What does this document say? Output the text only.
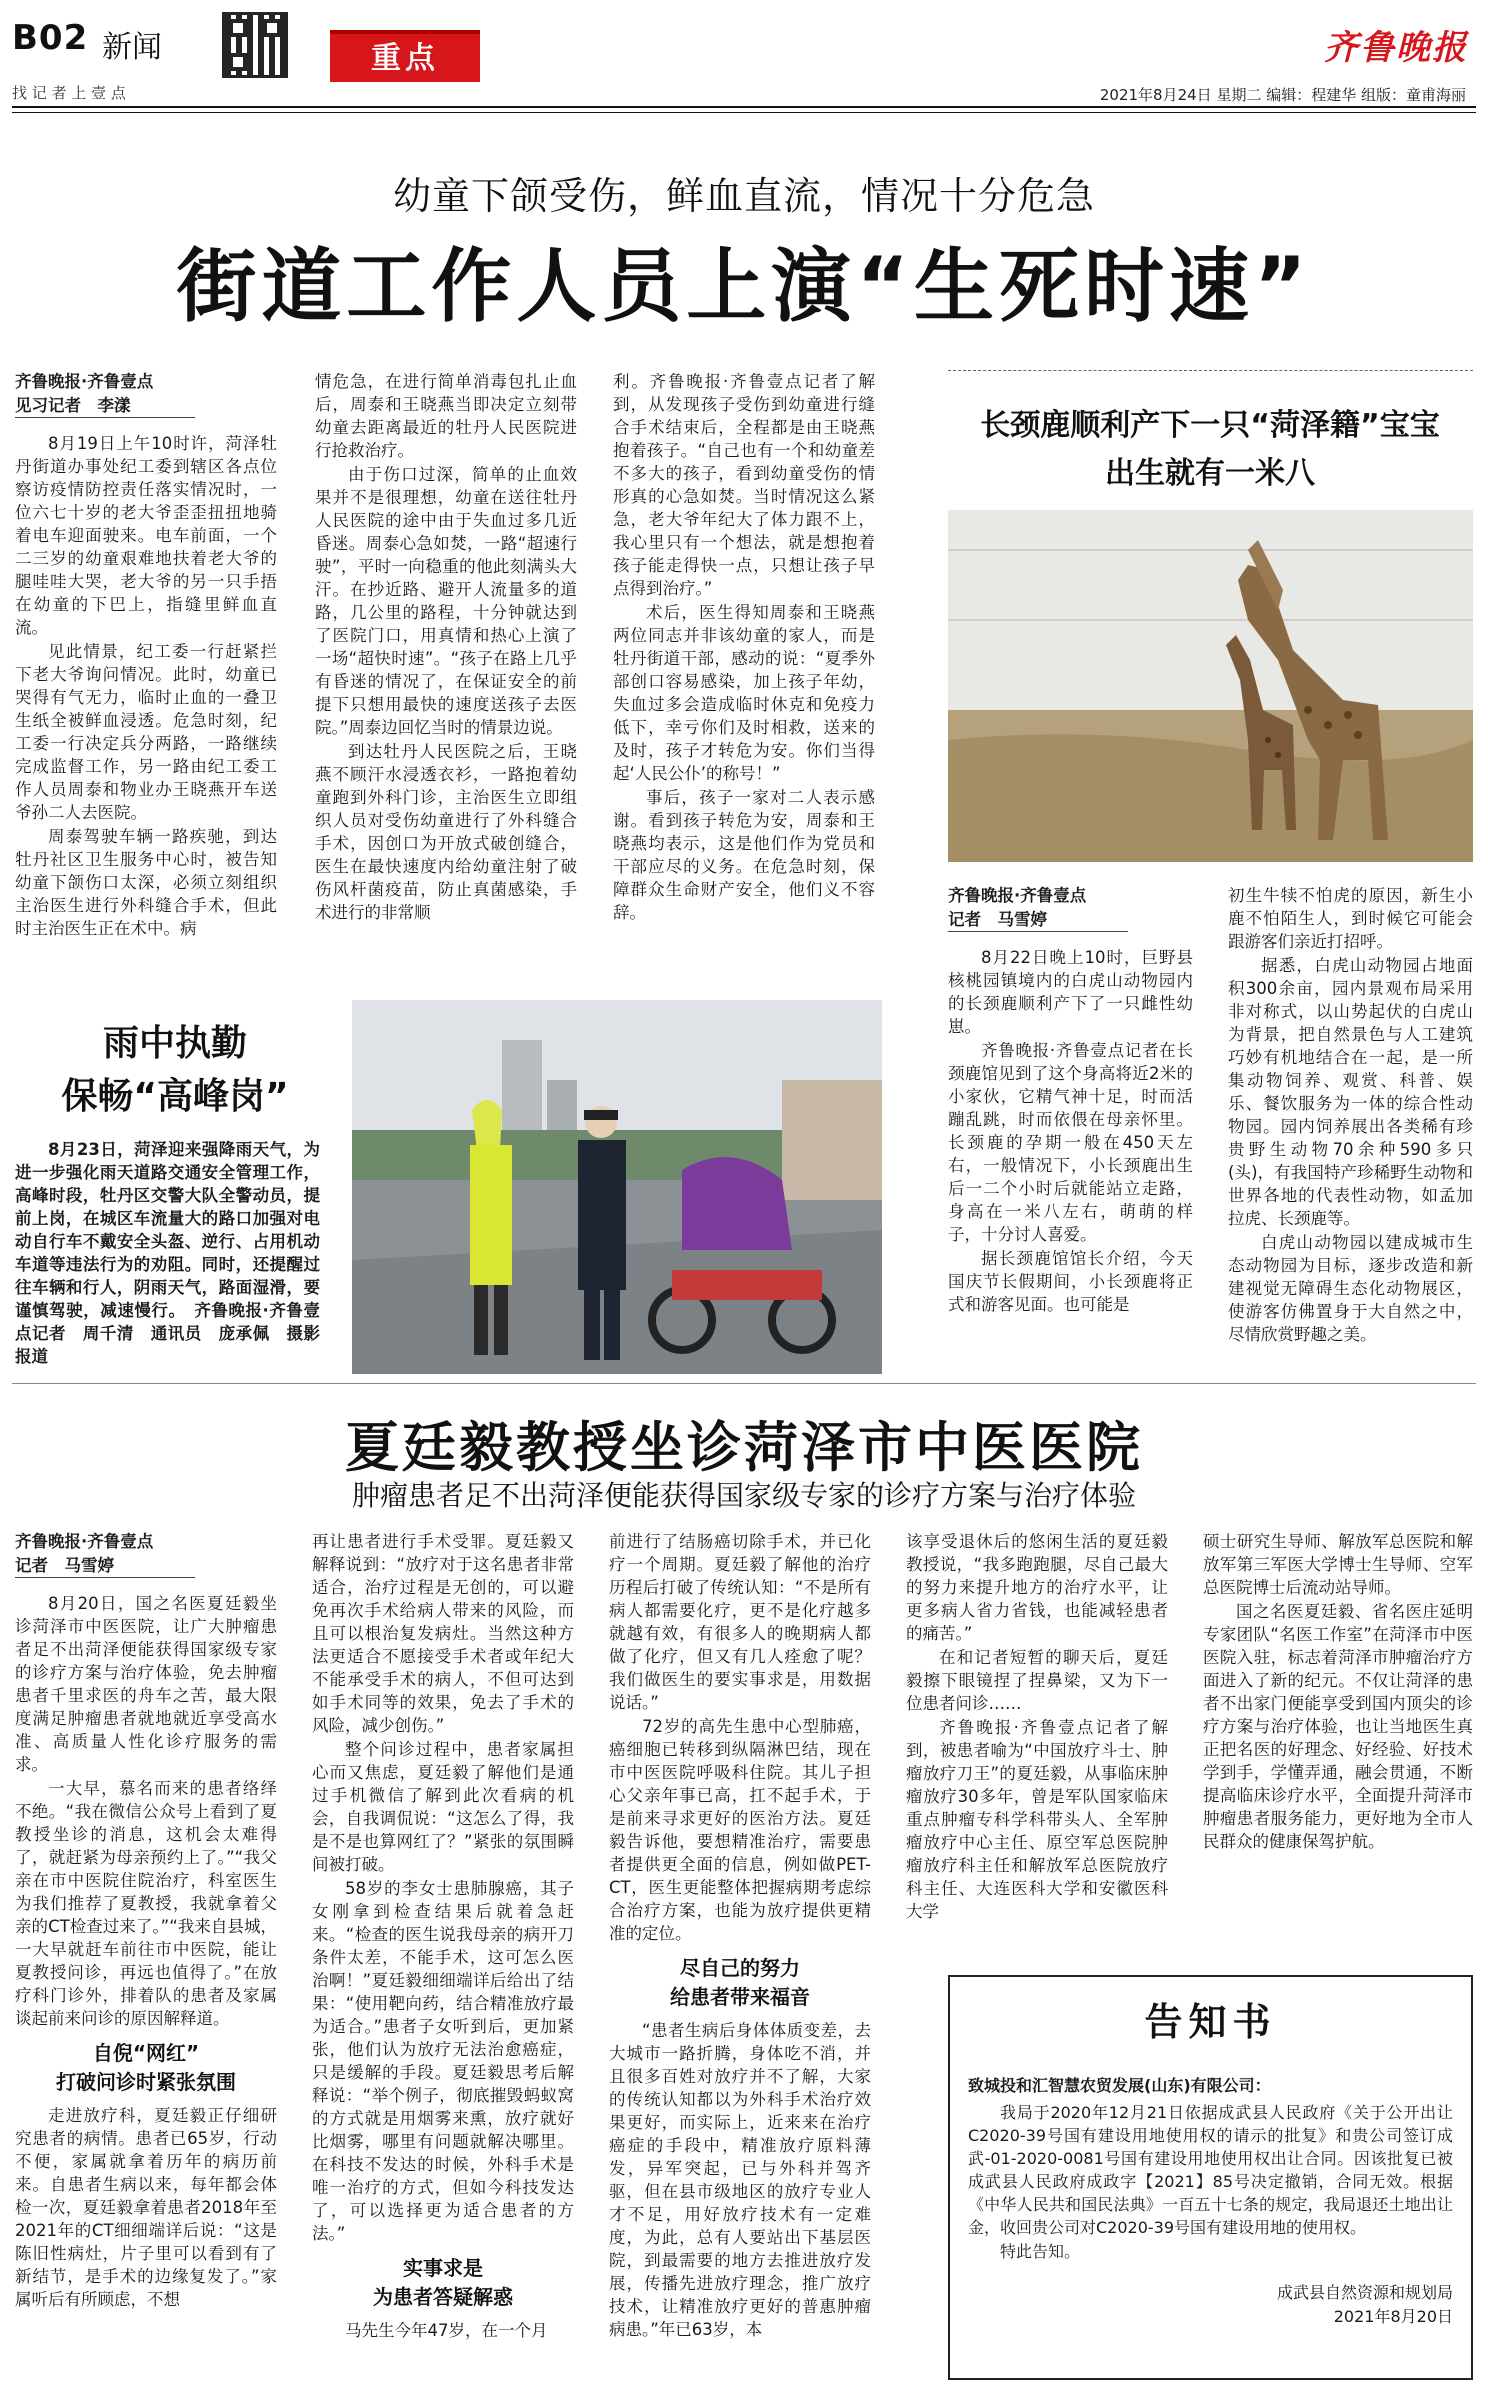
B02 新闻
找 记 者 上 壹 点
重点	齐鲁晚报
2021年8月24日 星期二 编辑：程建华 组版：童甫海丽
幼童下颌受伤，鲜血直流，情况十分危急
街道工作人员上演“生死时速”

齐鲁晚报·齐鲁壹点

见习记者　李漾

8月19日上午10时许，菏泽牡丹街道办事处纪工委到辖区各点位察访疫情防控责任落实情况时，一位六七十岁的老大爷歪歪扭扭地骑着电车迎面驶来。电车前面，一个二三岁的幼童艰难地扶着老大爷的腿哇哇大哭，老大爷的另一只手捂在幼童的下巴上，指缝里鲜血直流。

见此情景，纪工委一行赶紧拦下老大爷询问情况。此时，幼童已哭得有气无力，临时止血的一叠卫生纸全被鲜血浸透。危急时刻，纪工委一行决定兵分两路，一路继续完成监督工作，另一路由纪工委工作人员周泰和物业办王晓燕开车送爷孙二人去医院。

周泰驾驶车辆一路疾驰，到达牡丹社区卫生服务中心时，被告知幼童下颌伤口太深，必须立刻组织主治医生进行外科缝合手术，但此时主治医生正在术中。病

情危急，在进行简单消毒包扎止血后，周泰和王晓燕当即决定立刻带幼童去距离最近的牡丹人民医院进行抢救治疗。

由于伤口过深，简单的止血效果并不是很理想，幼童在送往牡丹人民医院的途中由于失血过多几近昏迷。周泰心急如焚，一路“超速行驶”，平时一向稳重的他此刻满头大汗。在抄近路、避开人流量多的道路，几公里的路程，十分钟就达到了医院门口，用真情和热心上演了一场“超快时速”。“孩子在路上几乎有昏迷的情况了，在保证安全的前提下只想用最快的速度送孩子去医院。”周泰边回忆当时的情景边说。

到达牡丹人民医院之后，王晓燕不顾汗水浸透衣衫，一路抱着幼童跑到外科门诊，主治医生立即组织人员对受伤幼童进行了外科缝合手术，因创口为开放式破创缝合，医生在最快速度内给幼童注射了破伤风杆菌疫苗，防止真菌感染，手术进行的非常顺

利。齐鲁晚报·齐鲁壹点记者了解到，从发现孩子受伤到幼童进行缝合手术结束后，全程都是由王晓燕抱着孩子。“自己也有一个和幼童差不多大的孩子，看到幼童受伤的情形真的心急如焚。当时情况这么紧急，老大爷年纪大了体力跟不上，我心里只有一个想法，就是想抱着孩子能走得快一点，只想让孩子早点得到治疗。”

术后，医生得知周泰和王晓燕两位同志并非该幼童的家人，而是牡丹街道干部，感动的说：“夏季外部创口容易感染，加上孩子年幼，失血过多会造成临时休克和免疫力低下，幸亏你们及时相救，送来的及时，孩子才转危为安。你们当得起‘人民公仆’的称号！”

事后，孩子一家对二人表示感谢。看到孩子转危为安，周泰和王晓燕均表示，这是他们作为党员和干部应尽的义务。在危急时刻，保障群众生命财产安全，他们义不容辞。

长颈鹿顺利产下一只“菏泽籍”宝宝
出生就有一米八

齐鲁晚报·齐鲁壹点

记者　马雪婷

8月22日晚上10时，巨野县核桃园镇境内的白虎山动物园内的长颈鹿顺利产下了一只雌性幼崽。

齐鲁晚报·齐鲁壹点记者在长颈鹿馆见到了这个身高将近2米的小家伙，它精气神十足，时而活蹦乱跳，时而依偎在母亲怀里。长颈鹿的孕期一般在450天左右，一般情况下，小长颈鹿出生后一二个小时后就能站立走路，身高在一米八左右，萌萌的样子，十分讨人喜爱。

据长颈鹿馆馆长介绍，今天国庆节长假期间，小长颈鹿将正式和游客见面。也可能是

初生牛犊不怕虎的原因，新生小鹿不怕陌生人，到时候它可能会跟游客们亲近打招呼。

据悉，白虎山动物园占地面积300余亩，园内景观布局采用非对称式，以山势起伏的白虎山为背景，把自然景色与人工建筑巧妙有机地结合在一起，是一所集动物饲养、观赏、科普、娱乐、餐饮服务为一体的综合性动物园。园内饲养展出各类稀有珍贵野生动物70余种590多只(头)，有我国特产珍稀野生动物和世界各地的代表性动物，如孟加拉虎、长颈鹿等。

白虎山动物园以建成城市生态动物园为目标，逐步改造和新建视觉无障碍生态化动物展区，使游客仿佛置身于大自然之中，尽情欣赏野趣之美。

雨中执勤
保畅“高峰岗”

8月23日，菏泽迎来强降雨天气，为进一步强化雨天道路交通安全管理工作，高峰时段，牡丹区交警大队全警动员，提前上岗，在城区车流量大的路口加强对电动自行车不戴安全头盔、逆行、占用机动车道等违法行为的劝阻。同时，还提醒过往车辆和行人，阴雨天气，路面湿滑，要谨慎驾驶，减速慢行。　齐鲁晚报·齐鲁壹点记者　周千清　通讯员　庞承佩　摄影报道

夏廷毅教授坐诊菏泽市中医医院
肿瘤患者足不出菏泽便能获得国家级专家的诊疗方案与治疗体验

齐鲁晚报·齐鲁壹点

记者　马雪婷

8月20日，国之名医夏廷毅坐诊菏泽市中医医院，让广大肿瘤患者足不出菏泽便能获得国家级专家的诊疗方案与治疗体验，免去肿瘤患者千里求医的舟车之苦，最大限度满足肿瘤患者就地就近享受高水准、高质量人性化诊疗服务的需求。

一大早，慕名而来的患者络绎不绝。“我在微信公众号上看到了夏教授坐诊的消息，这机会太难得了，就赶紧为母亲预约上了。”“我父亲在市中医院住院治疗，科室医生为我们推荐了夏教授，我就拿着父亲的CT检查过来了。”“我来自县城，一大早就赶车前往市中医院，能让夏教授问诊，再远也值得了。”在放疗科门诊外，排着队的患者及家属谈起前来问诊的原因解释道。

自倪“网红”
打破问诊时紧张氛围

走进放疗科，夏廷毅正仔细研究患者的病情。患者已65岁，行动不便，家属就拿着历年的病历前来。自患者生病以来，每年都会体检一次，夏廷毅拿着患者2018年至2021年的CT细细端详后说：“这是陈旧性病灶，片子里可以看到有了新结节，是手术的边缘复发了。”家属听后有所顾虑，不想

再让患者进行手术受罪。夏廷毅又解释说到：“放疗对于这名患者非常适合，治疗过程是无创的，可以避免再次手术给病人带来的风险，而且可以根治复发病灶。当然这种方法更适合不愿接受手术者或年纪大不能承受手术的病人，不但可达到如手术同等的效果，免去了手术的风险，减少创伤。”

整个问诊过程中，患者家属担心而又焦虑，夏廷毅了解他们是通过手机微信了解到此次看病的机会，自我调侃说：“这怎么了得，我是不是也算网红了？”紧张的氛围瞬间被打破。

58岁的李女士患肺腺癌，其子女刚拿到检查结果后就着急赶来。“检查的医生说我母亲的病开刀条件太差，不能手术，这可怎么医治啊！”夏廷毅细细端详后给出了结果：“使用靶向药，结合精准放疗最为适合。”患者子女听到后，更加紧张，他们认为放疗无法治愈癌症，只是缓解的手段。夏廷毅思考后解释说：“举个例子，彻底摧毁蚂蚁窝的方式就是用烟雾来熏，放疗就好比烟雾，哪里有问题就解决哪里。在科技不发达的时候，外科手术是唯一治疗的方式，但如今科技发达了，可以选择更为适合患者的方法。”

实事求是
为患者答疑解惑

马先生今年47岁，在一个月

前进行了结肠癌切除手术，并已化疗一个周期。夏廷毅了解他的治疗历程后打破了传统认知：“不是所有病人都需要化疗，更不是化疗越多就越有效，有很多人的晚期病人都做了化疗，但又有几人痊愈了呢？我们做医生的要实事求是，用数据说话。”

72岁的高先生患中心型肺癌，癌细胞已转移到纵隔淋巴结，现在市中医医院呼吸科住院。其儿子担心父亲年事已高，扛不起手术，于是前来寻求更好的医治方法。夏廷毅告诉他，要想精准治疗，需要患者提供更全面的信息，例如做PET-CT，医生更能整体把握病期考虑综合治疗方案，也能为放疗提供更精准的定位。

尽自己的努力
给患者带来福音

“患者生病后身体体质变差，去大城市一路折腾，身体吃不消，并且很多百姓对放疗并不了解，大家的传统认知都以为外科手术治疗效果更好，而实际上，近来来在治疗癌症的手段中，精准放疗原料薄发，异军突起，已与外科并驾齐驱，但在县市级地区的放疗专业人才不足，用好放疗技术有一定难度，为此，总有人要站出下基层医院，到最需要的地方去推进放疗发展，传播先进放疗理念，推广放疗技术，让精准放疗更好的普惠肿瘤病患。”年已63岁，本

该享受退休后的悠闲生活的夏廷毅教授说，“我多跑跑腿，尽自己最大的努力来提升地方的治疗水平，让更多病人省力省钱，也能减轻患者的痛苦。”

在和记者短暂的聊天后，夏廷毅擦下眼镜捏了捏鼻梁，又为下一位患者问诊……

齐鲁晚报·齐鲁壹点记者了解到，被患者喻为“中国放疗斗士、肿瘤放疗刀王”的夏廷毅，从事临床肿瘤放疗30多年，曾是军队国家临床重点肿瘤专科学科带头人、全军肿瘤放疗中心主任、原空军总医院肿瘤放疗科主任和解放军总医院放疗科主任、大连医科大学和安徽医科大学

硕士研究生导师、解放军总医院和解放军第三军医大学博士生导师、空军总医院博士后流动站导师。

国之名医夏廷毅、省名医庄延明专家团队“名医工作室”在菏泽市中医医院入驻，标志着菏泽市肿瘤治疗方面进入了新的纪元。不仅让菏泽的患者不出家门便能享受到国内顶尖的诊疗方案与治疗体验，也让当地医生真正把名医的好理念、好经验、好技术学到手，学懂弄通，融会贯通，不断提高临床诊疗水平，全面提升菏泽市肿瘤患者服务能力，更好地为全市人民群众的健康保驾护航。

告知书

致城投和汇智慧农贸发展(山东)有限公司：

我局于2020年12月21日依据成武县人民政府《关于公开出让C2020-39号国有建设用地使用权的请示的批复》和贵公司签订成武-01-2020-0081号国有建设用地使用权出让合同。因该批复已被成武县人民政府成政字【2021】85号决定撤销，合同无效。根据《中华人民共和国民法典》一百五十七条的规定，我局退还土地出让金，收回贵公司对C2020-39号国有建设用地的使用权。

特此告知。

成武县自然资源和规划局

2021年8月20日
